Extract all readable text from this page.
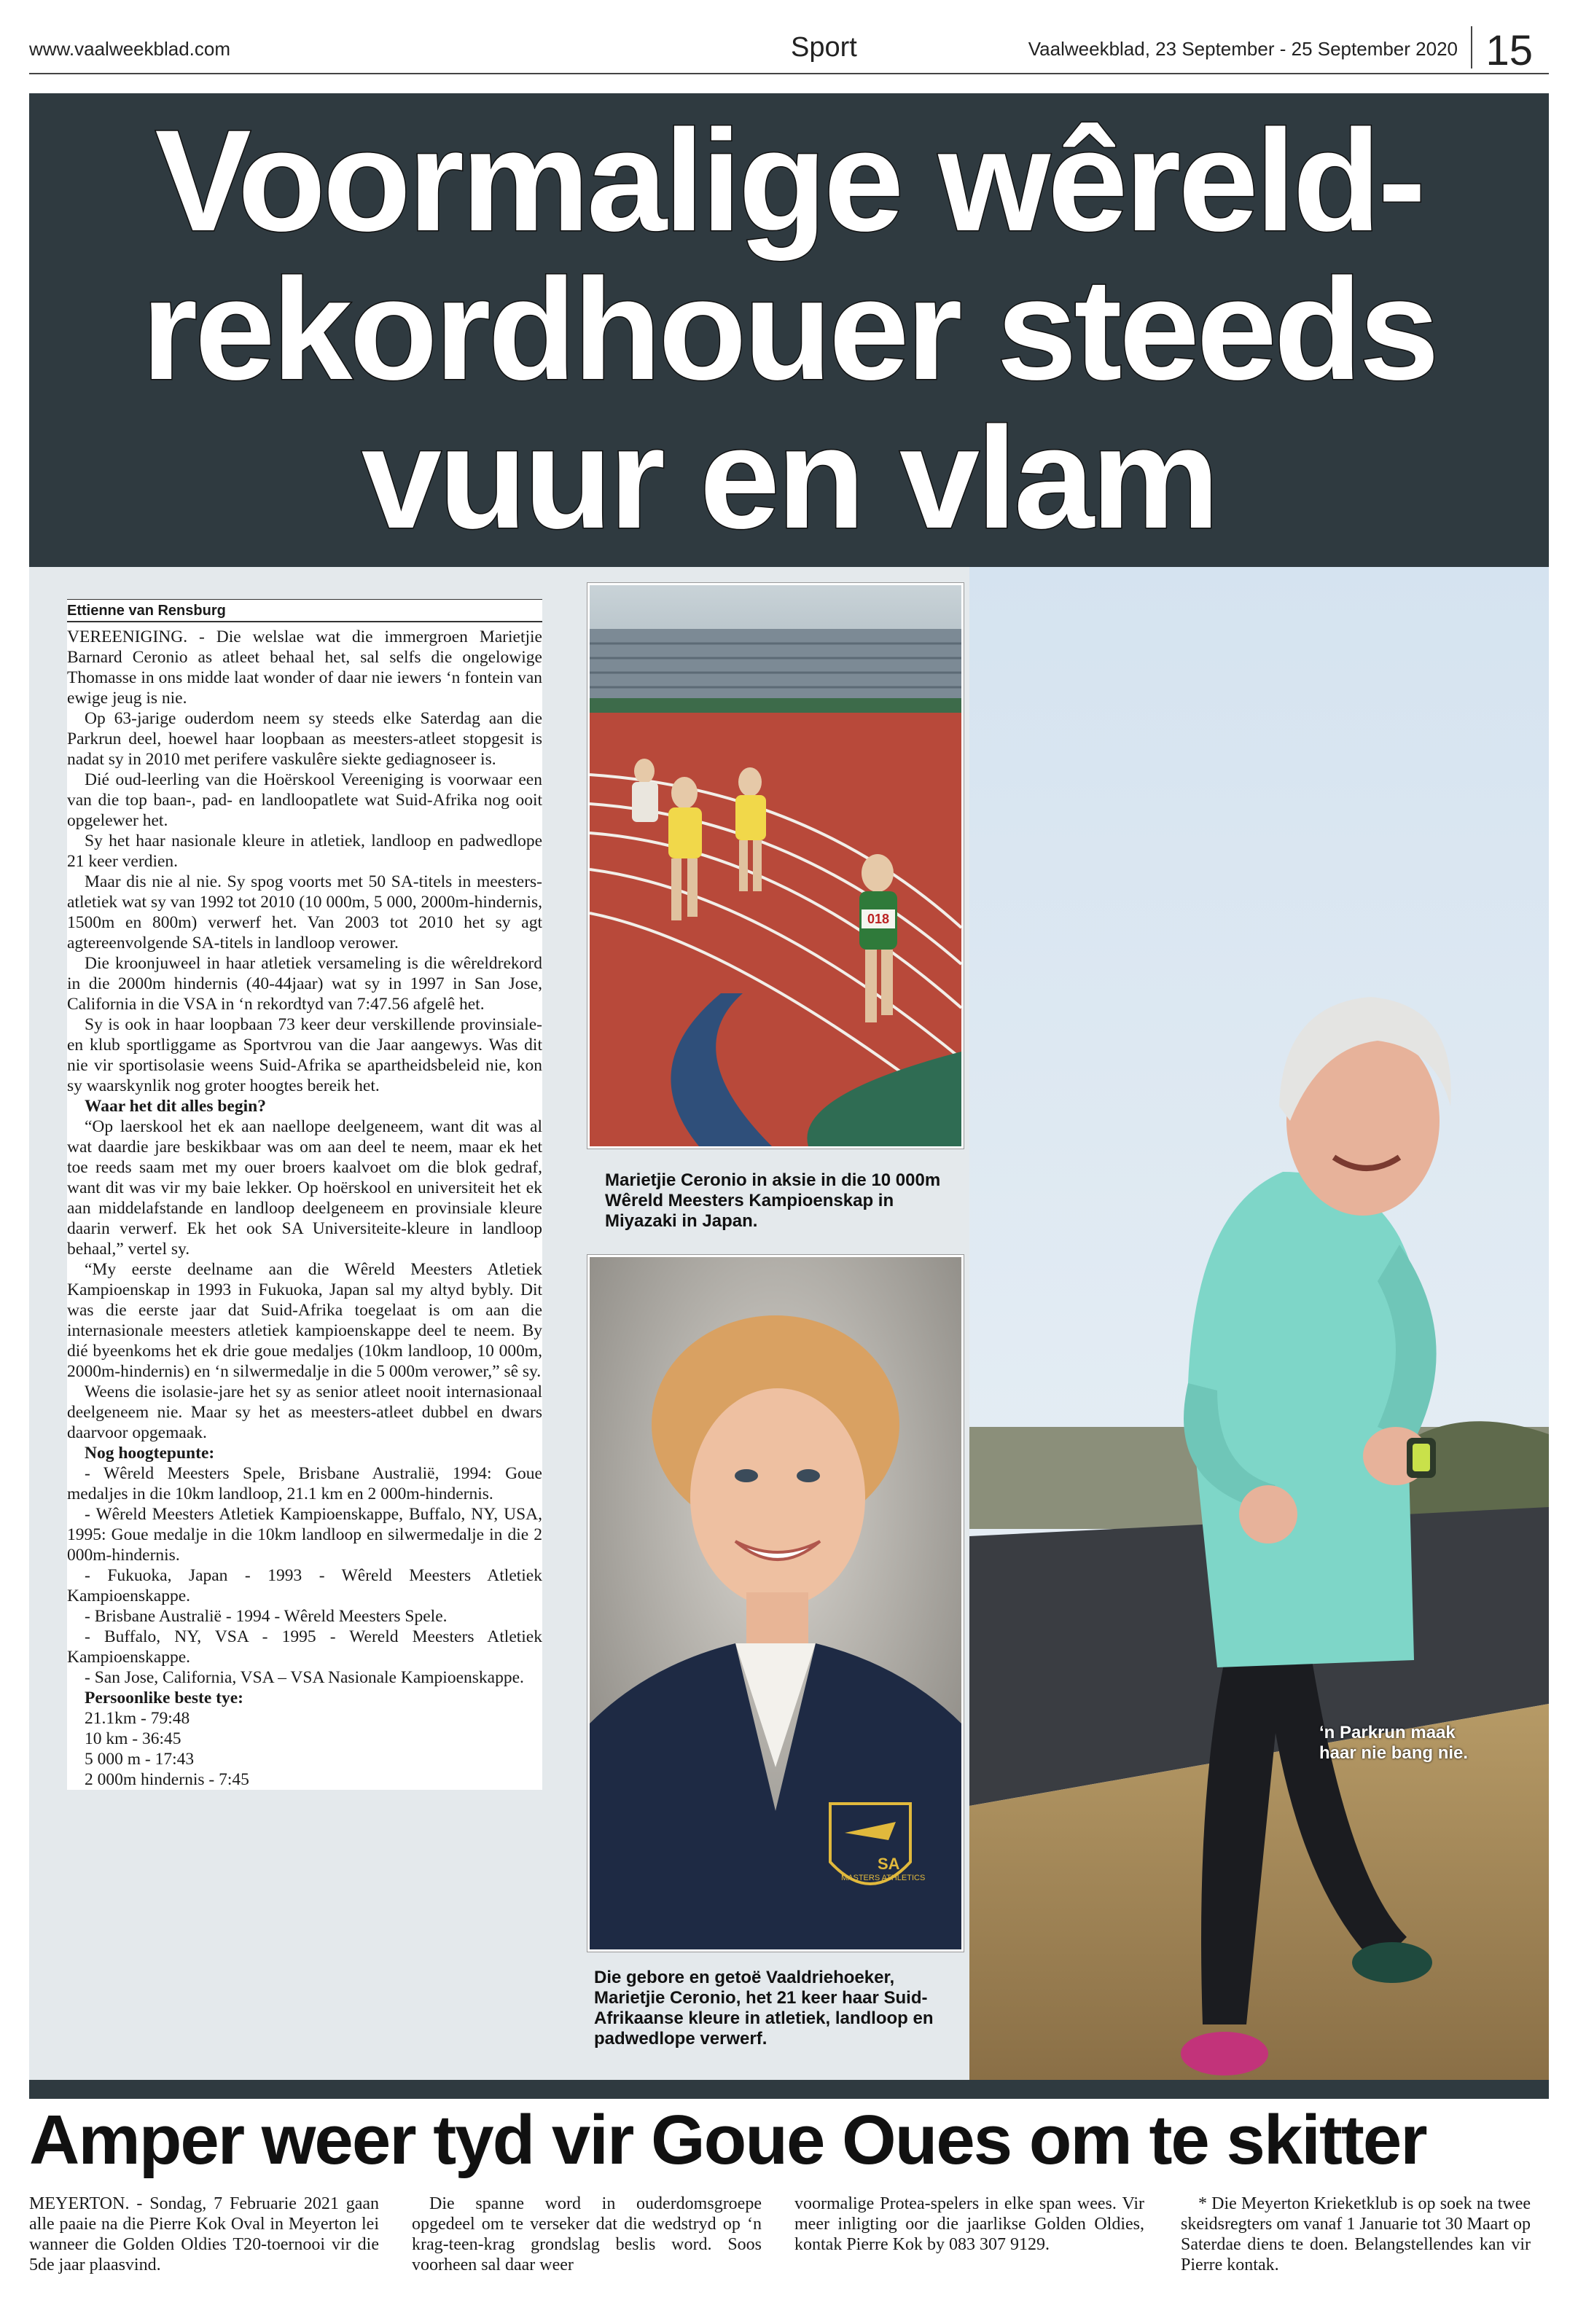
www.vaalweekblad.com	Sport	Vaalweekblad, 23 September - 25 September 2020 15
Voormalige wêreld-
rekordhouer steeds
vuur en vlam
Ettienne van Rensburg

VEREENIGING. - Die welslae wat die immergroen Marietjie Barnard Ceronio as atleet behaal het, sal selfs die ongelowige Thomasse in ons midde laat wonder of daar nie iewers ‘n fontein van ewige jeug is nie.

Op 63-jarige ouderdom neem sy steeds elke Saterdag aan die Parkrun deel, hoewel haar loopbaan as meesters-atleet stopgesit is nadat sy in 2010 met perifere vaskulêre siekte gediagnoseer is.

Dié oud-leerling van die Hoërskool Vereeniging is voorwaar een van die top baan-, pad- en landloopatlete wat Suid-Afrika nog ooit opgelewer het.

Sy het haar nasionale kleure in atletiek, landloop en padwedlope 21 keer verdien.

Maar dis nie al nie. Sy spog voorts met 50 SA-titels in meesters-atletiek wat sy van 1992 tot 2010 (10 000m, 5 000, 2000m-hindernis, 1500m en 800m) verwerf het. Van 2003 tot 2010 het sy agt agtereenvolgende SA-titels in landloop verower.

Die kroonjuweel in haar atletiek versameling is die wêreldrekord in die 2000m hindernis (40-44jaar) wat sy in 1997 in San Jose, California in die VSA in ‘n rekordtyd van 7:47.56 afgelê het.

Sy is ook in haar loopbaan 73 keer deur verskillende provinsiale- en klub sportliggame as Sportvrou van die Jaar aangewys. Was dit nie vir sportisolasie weens Suid-Afrika se apartheidsbeleid nie, kon sy waarskynlik nog groter hoogtes bereik het.

Waar het dit alles begin?

“Op laerskool het ek aan naellope deelgeneem, want dit was al wat daardie jare beskikbaar was om aan deel te neem, maar ek het toe reeds saam met my ouer broers kaalvoet om die blok gedraf, want dit was vir my baie lekker. Op hoërskool en universiteit het ek aan middelafstande en landloop deelgeneem en provinsiale kleure daarin verwerf. Ek het ook SA Universiteite-kleure in landloop behaal,” vertel sy.

“My eerste deelname aan die Wêreld Meesters Atletiek Kampioenskap in 1993 in Fukuoka, Japan sal my altyd bybly. Dit was die eerste jaar dat Suid-Afrika toegelaat is om aan die internasionale meesters atletiek kampioenskappe deel te neem. By dié byeenkoms het ek drie goue medaljes (10km landloop, 10 000m, 2000m-hindernis) en ‘n silwermedalje in die 5 000m verower,” sê sy.

Weens die isolasie-jare het sy as senior atleet nooit internasionaal deelgeneem nie. Maar sy het as meesters-atleet dubbel en dwars daarvoor opgemaak.

Nog hoogtepunte:

- Wêreld Meesters Spele, Brisbane Australië, 1994: Goue medaljes in die 10km landloop, 21.1 km en 2 000m-hindernis.

- Wêreld Meesters Atletiek Kampioenskappe, Buffalo, NY, USA, 1995: Goue medalje in die 10km landloop en silwermedalje in die 2 000m-hindernis.

- Fukuoka, Japan - 1993 - Wêreld Meesters Atletiek Kampioenskappe.

- Brisbane Australië - 1994 - Wêreld Meesters Spele.

- Buffalo, NY, VSA - 1995 - Wereld Meesters Atletiek Kampioenskappe.

- San Jose, California, VSA – VSA Nasionale Kampioenskappe.

Persoonlike beste tye:

21.1km - 79:48

10 km - 36:45

5 000 m - 17:43

2 000m hindernis - 7:45

018
Marietjie Ceronio in aksie in die 10 000m Wêreld Meesters Kampioenskap in Miyazaki in Japan.
MASTERS ATHLETICS
SA
Die gebore en getoë Vaaldriehoeker, Marietjie Ceronio, het 21 keer haar Suid-Afrikaanse kleure in atletiek, landloop en padwedlope verwerf.
‘n Parkrun maak haar nie bang nie.
Amper weer tyd vir Goue Oues om te skitter

MEYERTON. - Sondag, 7 Februarie 2021 gaan alle paaie na die Pierre Kok Oval in Meyerton lei wanneer die Golden Oldies T20-toernooi vir die 5de jaar plaasvind.

Die spanne word in ouderdomsgroepe opgedeel om te verseker dat die wedstryd op ‘n krag-teen-krag grondslag beslis word. Soos voorheen sal daar weer

voormalige Protea-spelers in elke span wees. Vir meer inligting oor die jaarlikse Golden Oldies, kontak Pierre Kok by 083 307 9129.

* Die Meyerton Krieketklub is op soek na twee skeidsregters om vanaf 1 Januarie tot 30 Maart op Saterdae diens te doen. Belangstellendes kan vir Pierre kontak.
